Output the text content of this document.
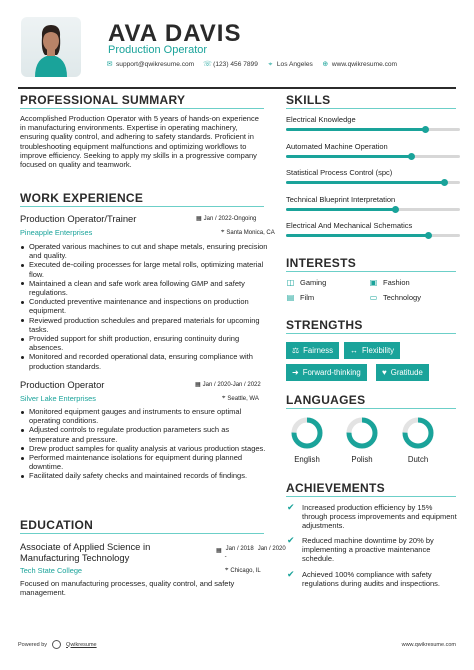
AVA DAVIS
Production Operator
✉ support@qwikresume.com ☏ (123) 456 7899 ⌖ Los Angeles ⊕ www.qwikresume.com
PROFESSIONAL SUMMARY
Accomplished Production Operator with 5 years of hands-on experience in manufacturing environments. Expertise in operating machinery, ensuring quality control, and adhering to safety standards. Proficient in troubleshooting equipment malfunctions and optimizing workflows to improve efficiency. Seeking to apply my skills in a progressive company focused on quality and teamwork.
WORK EXPERIENCE
Production Operator/Trainer	▦ Jan / 2022-Ongoing
Pineapple Enterprises	⌖ Santa Monica, CA
Operated various machines to cut and shape metals, ensuring precision and quality.
Executed de-coiling processes for large metal rolls, optimizing material flow.
Maintained a clean and safe work area following GMP and safety regulations.
Conducted preventive maintenance and inspections on production equipment.
Reviewed production schedules and prepared materials for upcoming tasks.
Provided support for shift production, ensuring continuity during absences.
Monitored and recorded operational data, ensuring compliance with production standards.
Production Operator	▦ Jan / 2020-Jan / 2022
Silver Lake Enterprises	⌖ Seattle, WA
Monitored equipment gauges and instruments to ensure optimal operating conditions.
Adjusted controls to regulate production parameters such as temperature and pressure.
Drew product samples for quality analysis at various production stages.
Performed maintenance isolations for equipment during planned downtime.
Facilitated daily safety checks and maintained records of findings.
EDUCATION
Associate of Applied Science in Manufacturing Technology
▦ Jan / 2018
-
Jan / 2020
Tech State College	⌖ Chicago, IL
Focused on manufacturing processes, quality control, and safety management.
SKILLS
Electrical Knowledge
Automated Machine Operation
Statistical Process Control (spc)
Technical Blueprint Interpretation
Electrical And Mechanical Schematics
INTERESTS
◫ Gaming	▣ Fashion
▤ Film	▭ Technology
STRENGTHS
⚖ Fairness ↔ Flexibility
➜ Forward-thinking	♥ Gratitude
LANGUAGES
English	Polish	Dutch
ACHIEVEMENTS
✔ Increased production efficiency by 15% through process improvements and equipment adjustments.
✔ Reduced machine downtime by 20% by implementing a proactive maintenance schedule.
✔ Achieved 100% compliance with safety regulations during audits and inspections.
Powered by	Qwikresume	www.qwikresume.com
